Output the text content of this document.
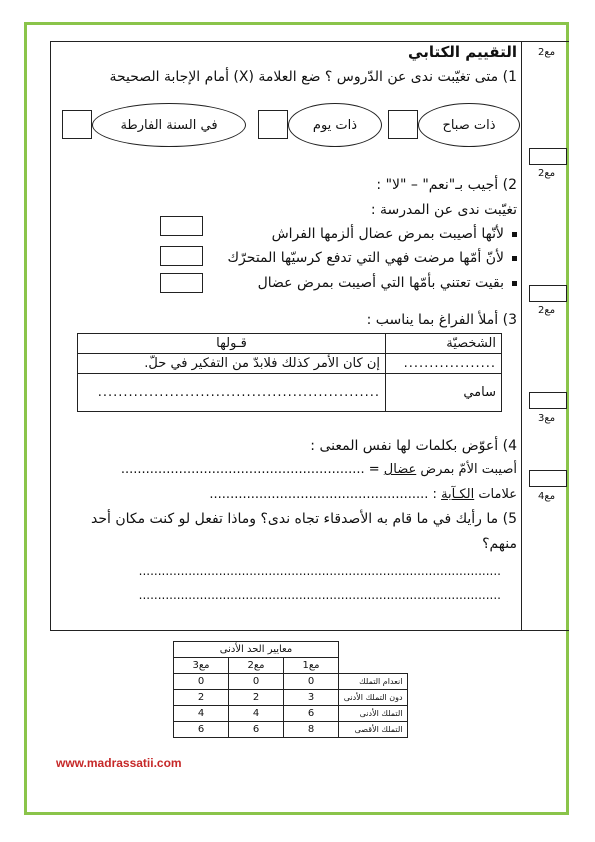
مع2
مع2
مع2
مع3
مع4
التقييم الكتابي
1) متى تغيّبت ندى عن الدّروس ؟ ضع العلامة (X) أمام الإجابة الصحيحة
ذات صباح
ذات يوم
في السنة الفارطة
2) أجيب بـ"نعم" – "لا" :
تغيّبت ندى عن المدرسة :
لأنّها أصيبت بمرض عضال ألزمها الفراش
لأنّ أمّها مرضت فهي التي تدفع كرسيّها المتحرّك
بقيت تعتني بأمّها التي أصيبت بمرض عضال
3) أملأ الفراغ بما يناسب :
الشخصيّة	قـولها
..................	إن كان الأمر كذلك فلابدّ من التفكير في حلّ.
سامي	.......................................................
4) أعوّض بكلمات لها نفس المعنى :
أصيبت الأمّ بمرض عضال = ...........................................................
علامات الكـآبة : .....................................................
5) ما رأيك في ما قام به الأصدقاء تجاه ندى؟ وماذا تفعل لو كنت مكان أحد
منهم؟
...............................................................................................
...............................................................................................
	معايير الحد الأدنى		
	مع1	مع2	مع3
انعدام التملك	0	0	0
دون التملك الأدنى	3	2	2
التملك الأدنى	6	4	4
التملك الأقصى	8	6	6
www.madrassatii.com
